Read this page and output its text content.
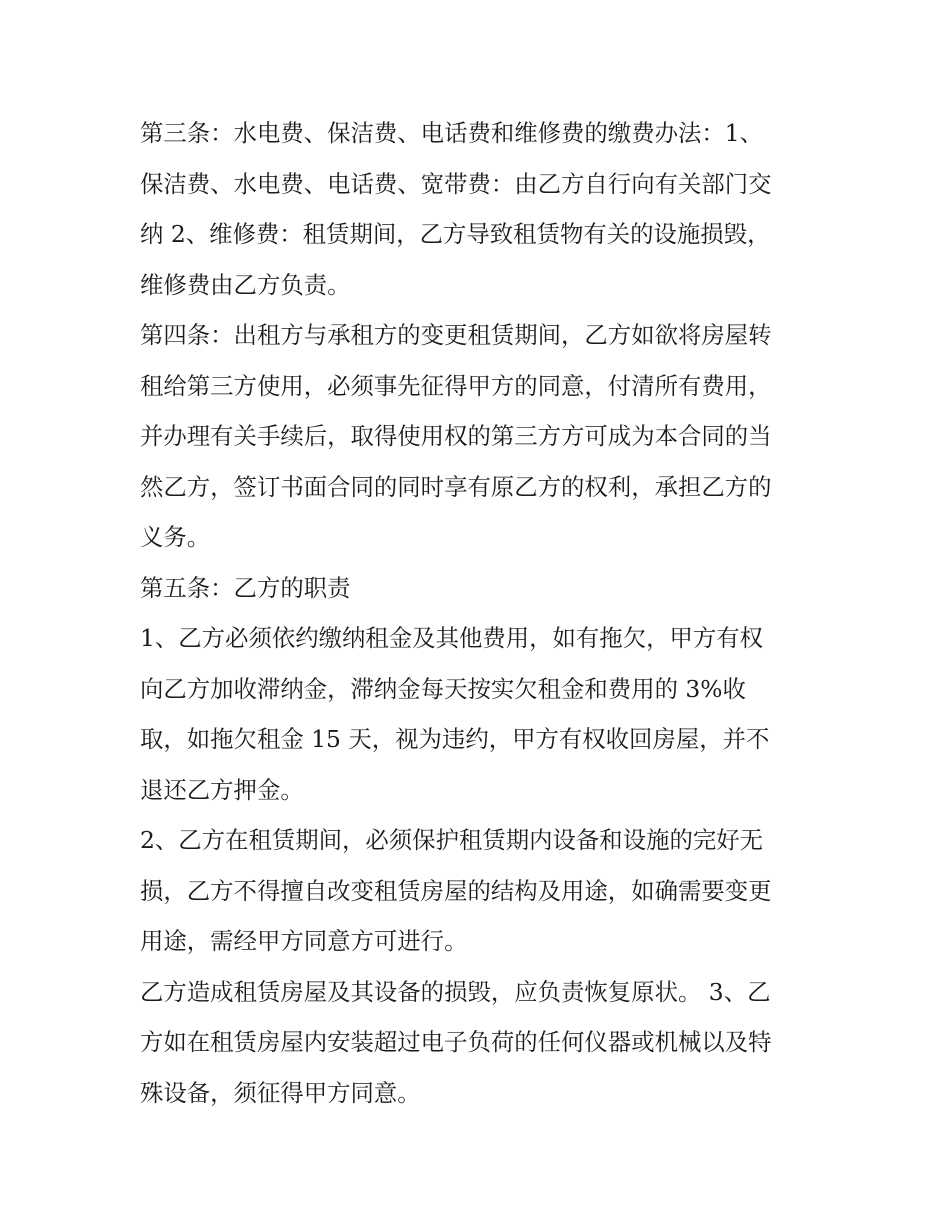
第三条：水电费、保洁费、电话费和维修费的缴费办法：1、
保洁费、水电费、电话费、宽带费：由乙方自行向有关部门交
纳 2、维修费：租赁期间，乙方导致租赁物有关的设施损毁，
维修费由乙方负责。
第四条：出租方与承租方的变更租赁期间，乙方如欲将房屋转
租给第三方使用，必须事先征得甲方的同意，付清所有费用，
并办理有关手续后，取得使用权的第三方方可成为本合同的当
然乙方，签订书面合同的同时享有原乙方的权利，承担乙方的
义务。
第五条：乙方的职责
1、乙方必须依约缴纳租金及其他费用，如有拖欠，甲方有权
向乙方加收滞纳金，滞纳金每天按实欠租金和费用的 3%收
取，如拖欠租金 15 天，视为违约，甲方有权收回房屋，并不
退还乙方押金。
2、乙方在租赁期间，必须保护租赁期内设备和设施的完好无
损，乙方不得擅自改变租赁房屋的结构及用途，如确需要变更
用途，需经甲方同意方可进行。
乙方造成租赁房屋及其设备的损毁，应负责恢复原状。 3、乙
方如在租赁房屋内安装超过电子负荷的任何仪器或机械以及特
殊设备，须征得甲方同意。
